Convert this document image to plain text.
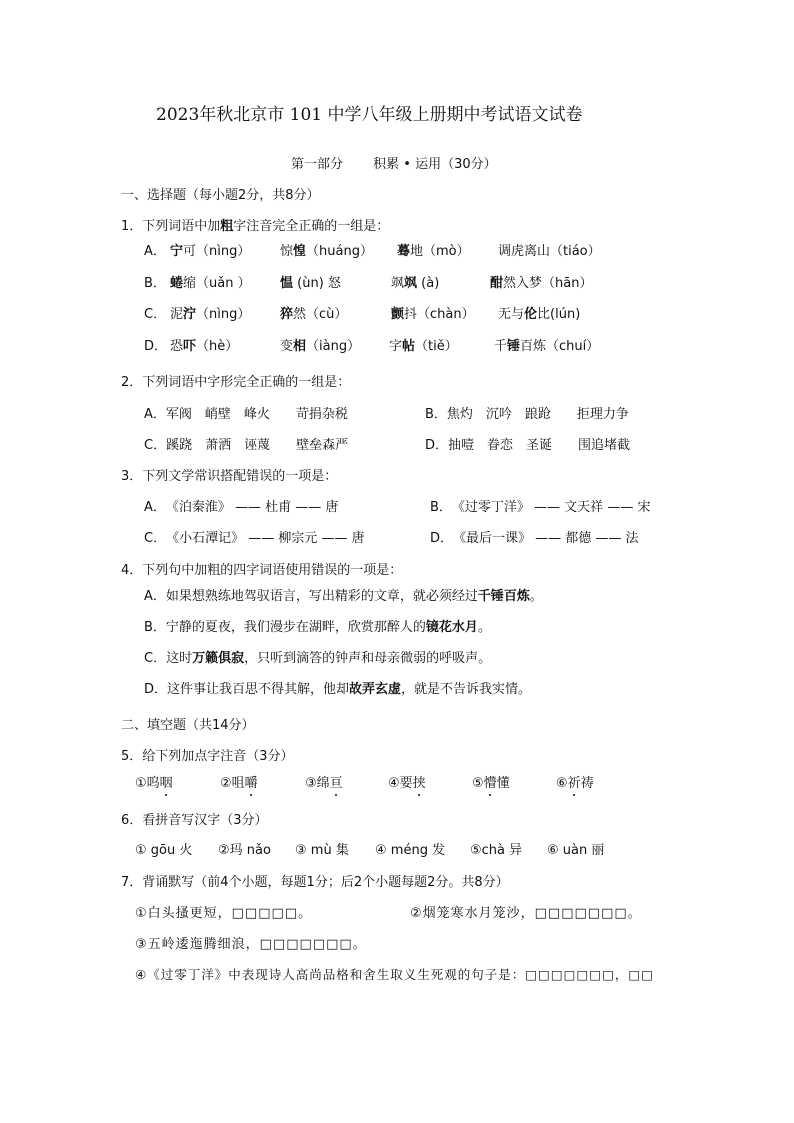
2023年秋北京市 101 中学八年级上册期中考试语文试卷
第一部分 积累 • 运用（30分）
一、选择题（每小题2分，共8分）
1．下列词语中加粗字注音完全正确的一组是：
A． 宁可（nìng） 惊惶（huáng） 蓦地（mò） 调虎离山（tiáo）
B． 蜷缩（uǎn ） 愠 (ùn) 怒	飒飒 (à)	酣然入梦（hān）
C． 泥泞（nìng） 猝然（cù）	颤抖（chàn） 无与伦比(lún)
D． 恐吓（hè）	变相（iàng） 字帖（tiě）	千锤百炼（chuí）
2．下列词语中字形完全正确的一组是：
A．军阀　峭壁　峰火　　苛捐杂税	B．焦灼　沉吟　踉跄　　拒理力争
C．蹊跷　萧洒　诬蔑　　壁垒森严	D．抽噎　眷恋　圣诞　　围追堵截
3．下列文学常识搭配错误的一项是：
A．　《泊秦淮》 —— 杜甫 —— 唐	B．　《过零丁洋》 —— 文天祥 —— 宋
C．　《小石潭记》 —— 柳宗元 —— 唐	D．　《最后一课》 —— 都德 —— 法
4．下列句中加粗的四字词语使用错误的一项是：
A．如果想熟练地驾驭语言，写出精彩的文章，就必须经过千锤百炼。
B．宁静的夏夜，我们漫步在湖畔，欣赏那醉人的镜花水月。
C．这时万籁俱寂，只听到滴答的钟声和母亲微弱的呼吸声。
D．这件事让我百思不得其解，他却故弄玄虚，就是不告诉我实情。
二、填空题（共14分）
5．给下列加点字注音（3分）
①呜咽	②咀嚼	③绵亘	④要挟	⑤懵
懂	⑥祈
祷
6．看拼音写汉字（3分）
① gōu 火 ②玛 nǎo ③ mù 集 ④ méng 发 ⑤chà 异 ⑥ uàn 丽
7．背诵默写（前4个小题，每题1分；后2个小题每题2分。共8分）
①白头搔更短，□□□□□。	②烟笼寒水月笼沙，□□□□□□□。
③五岭逶迤腾细浪，□□□□□□□。
④《过零丁洋》中表现诗人高尚品格和舍生取义生死观的句子是：□□□□□□□，□□
